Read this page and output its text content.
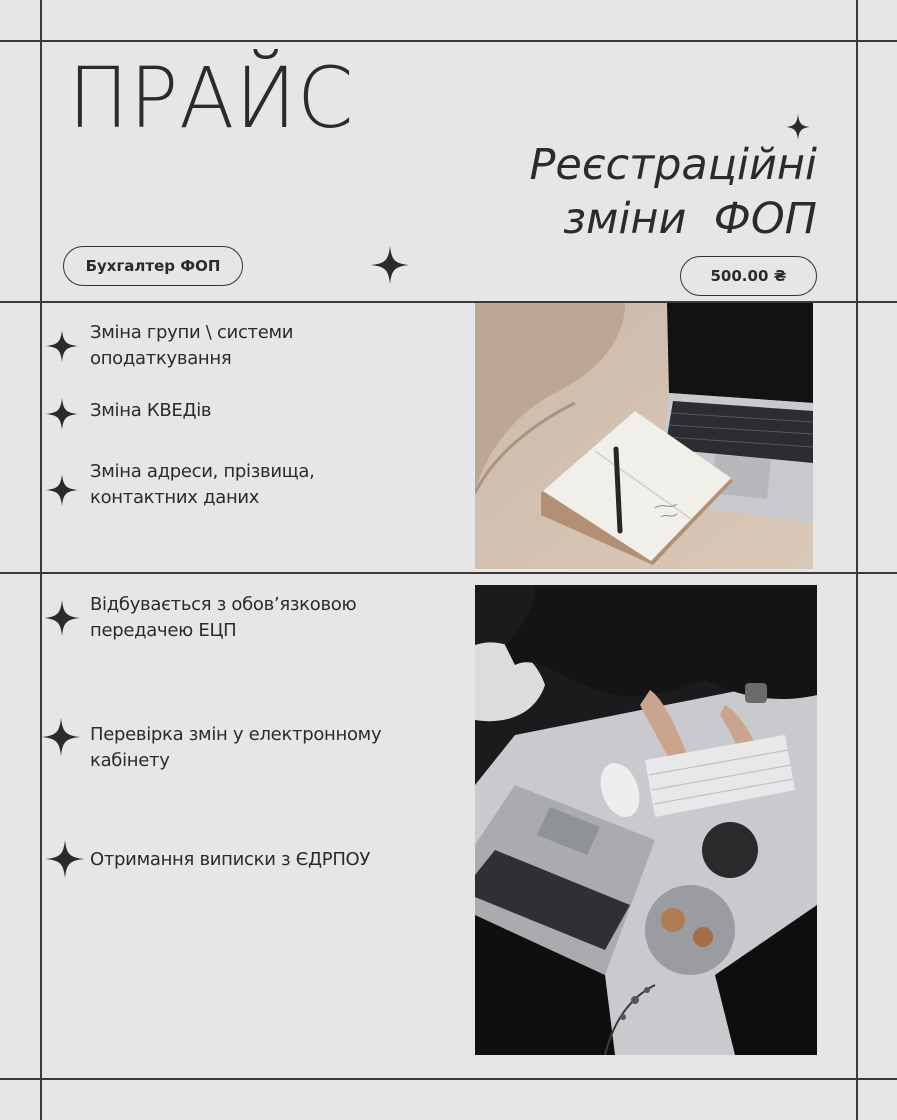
ПРАЙС
Реєстраційні
зміни  ФОП
Бухгалтер ФОП
500.00 ₴
Зміна групи \ системи
оподаткування
Зміна КВЕДів
Зміна адреси, прізвища,
контактних даних
Відбувається з обов’язковою
передачею ЕЦП
Перевірка змін у електронному
кабінету
Отримання виписки з ЄДРПОУ
